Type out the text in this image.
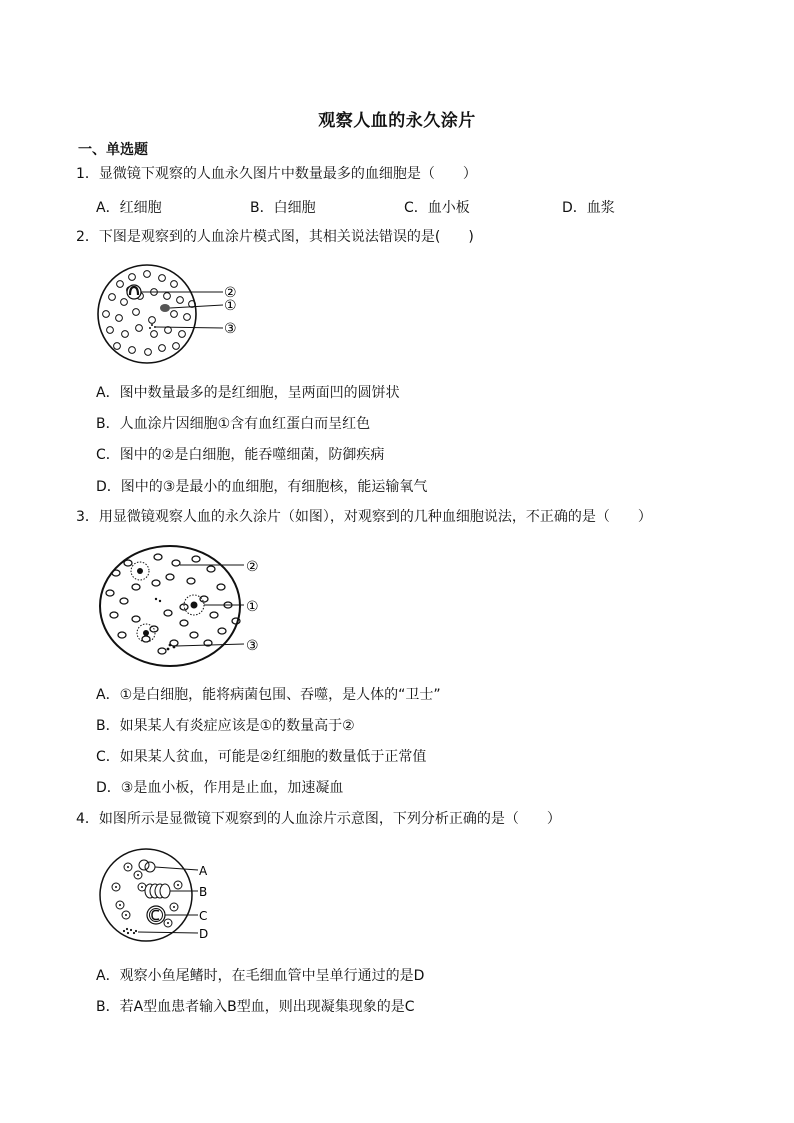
观察人血的永久涂片
一、单选题
1．显微镜下观察的人血永久图片中数量最多的血细胞是（　　）
A．红细胞	B．白细胞	C．血小板	D．血浆
2．下图是观察到的人血涂片模式图，其相关说法错误的是(　　)
②
①
③
A．图中数量最多的是红细胞，呈两面凹的圆饼状
B．人血涂片因细胞①含有血红蛋白而呈红色
C．图中的②是白细胞，能吞噬细菌，防御疾病
D．图中的③是最小的血细胞，有细胞核，能运输氧气
3．用显微镜观察人血的永久涂片（如图），对观察到的几种血细胞说法，不正确的是（　　）
②
①
③
A．①是白细胞，能将病菌包围、吞噬，是人体的“卫士”
B．如果某人有炎症应该是①的数量高于②
C．如果某人贫血，可能是②红细胞的数量低于正常值
D．③是血小板，作用是止血，加速凝血
4．如图所示是显微镜下观察到的人血涂片示意图，下列分析正确的是（　　）
A
B
C
D
A．观察小鱼尾鳍时，在毛细血管中呈单行通过的是D
B．若A型血患者输入B型血，则出现凝集现象的是C
